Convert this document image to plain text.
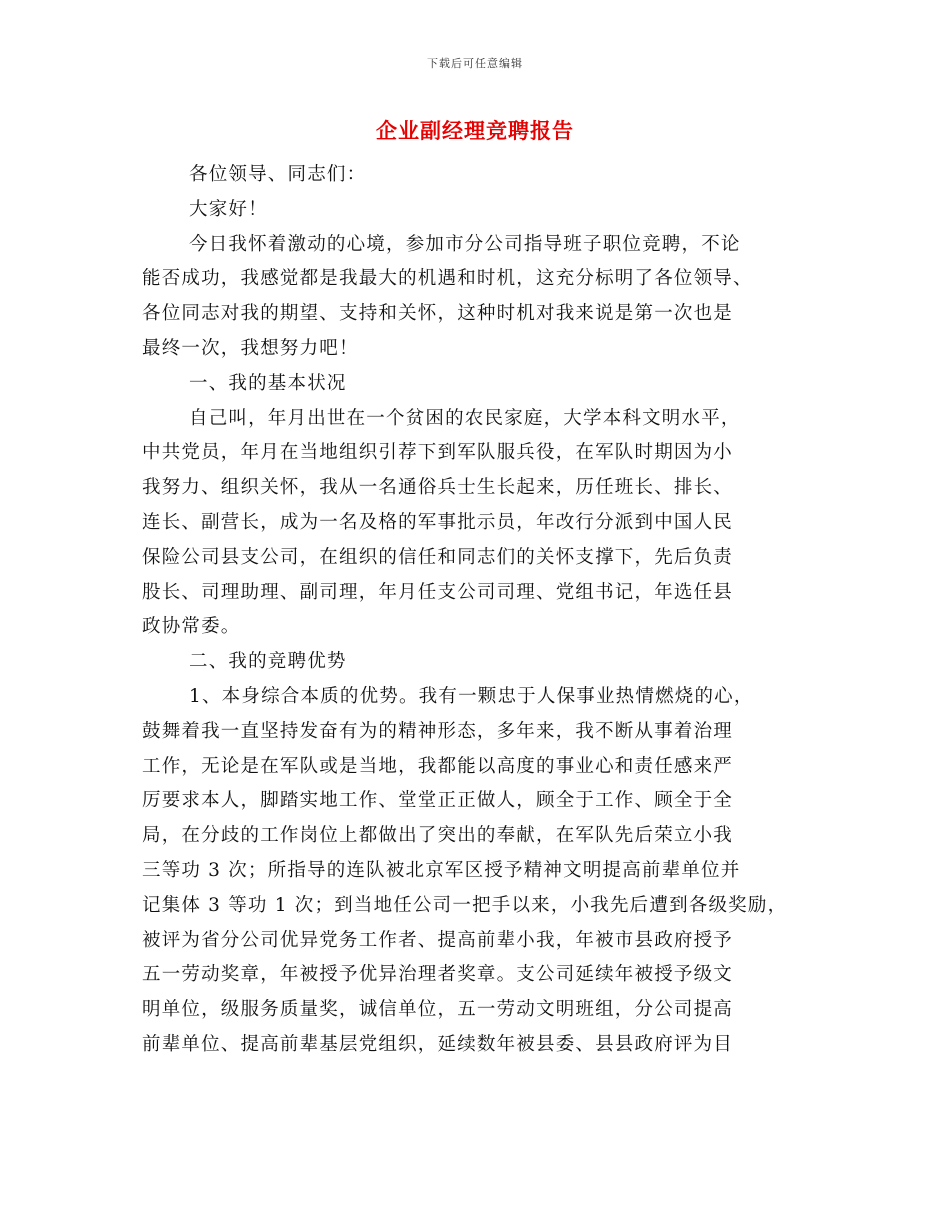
下载后可任意编辑
企业副经理竞聘报告
各位领导、同志们：
大家好！
今日我怀着激动的心境，参加市分公司指导班子职位竞聘，不论
能否成功，我感觉都是我最大的机遇和时机，这充分标明了各位领导、
各位同志对我的期望、支持和关怀，这种时机对我来说是第一次也是
最终一次，我想努力吧！
一、我的基本状况
自己叫，年月出世在一个贫困的农民家庭，大学本科文明水平，
中共党员，年月在当地组织引荐下到军队服兵役，在军队时期因为小
我努力、组织关怀，我从一名通俗兵士生长起来，历任班长、排长、
连长、副营长，成为一名及格的军事批示员，年改行分派到中国人民
保险公司县支公司，在组织的信任和同志们的关怀支撑下，先后负责
股长、司理助理、副司理，年月任支公司司理、党组书记，年选任县
政协常委。
二、我的竞聘优势
1、本身综合本质的优势。我有一颗忠于人保事业热情燃烧的心，
鼓舞着我一直坚持发奋有为的精神形态，多年来，我不断从事着治理
工作，无论是在军队或是当地，我都能以高度的事业心和责任感来严
厉要求本人，脚踏实地工作、堂堂正正做人，顾全于工作、顾全于全
局，在分歧的工作岗位上都做出了突出的奉献，在军队先后荣立小我
三等功 3 次；所指导的连队被北京军区授予精神文明提高前辈单位并
记集体 3 等功 1 次；到当地任公司一把手以来，小我先后遭到各级奖励，
被评为省分公司优异党务工作者、提高前辈小我，年被市县政府授予
五一劳动奖章，年被授予优异治理者奖章。支公司延续年被授予级文
明单位，级服务质量奖，诚信单位，五一劳动文明班组，分公司提高
前辈单位、提高前辈基层党组织，延续数年被县委、县县政府评为目
